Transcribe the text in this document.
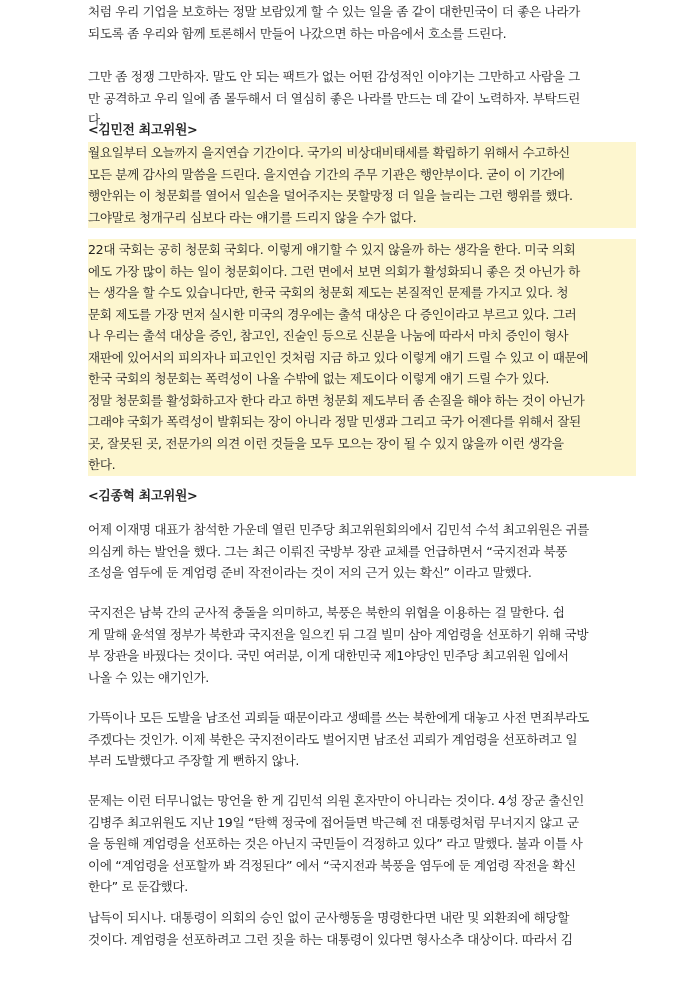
처럼 우리 기업을 보호하는 정말 보람있게 할 수 있는 일을 좀 같이 대한민국이 더 좋은 나라가
되도록 좀 우리와 함께 토론해서 만들어 나갔으면 하는 마음에서 호소를 드린다.

그만 좀 정쟁 그만하자. 말도 안 되는 팩트가 없는 어떤 감성적인 이야기는 그만하고 사람을 그
만 공격하고 우리 일에 좀 몰두해서 더 열심히 좋은 나라를 만드는 데 같이 노력하자. 부탁드린
다.

<김민전 최고위원>

월요일부터 오늘까지 을지연습 기간이다. 국가의 비상대비태세를 확립하기 위해서 수고하신
모든 분께 감사의 말씀을 드린다. 을지연습 기간의 주무 기관은 행안부이다. 굳이 이 기간에
행안위는 이 청문회를 열어서 일손을 덜어주지는 못할망정 더 일을 늘리는 그런 행위를 했다.
그야말로 청개구리 심보다 라는 얘기를 드리지 않을 수가 없다.

22대 국회는 공히 청문회 국회다. 이렇게 얘기할 수 있지 않을까 하는 생각을 한다. 미국 의회
에도 가장 많이 하는 일이 청문회이다. 그런 면에서 보면 의회가 활성화되니 좋은 것 아닌가 하
는 생각을 할 수도 있습니다만, 한국 국회의 청문회 제도는 본질적인 문제를 가지고 있다. 청
문회 제도를 가장 먼저 실시한 미국의 경우에는 출석 대상은 다 증인이라고 부르고 있다. 그러
나 우리는 출석 대상을 증인, 참고인, 진술인 등으로 신분을 나눔에 따라서 마치 증인이 형사
재판에 있어서의 피의자나 피고인인 것처럼 지금 하고 있다 이렇게 얘기 드릴 수 있고 이 때문에
한국 국회의 청문회는 폭력성이 나올 수밖에 없는 제도이다 이렇게 얘기 드릴 수가 있다.
정말 청문회를 활성화하고자 한다 라고 하면 청문회 제도부터 좀 손질을 해야 하는 것이 아닌가
그래야 국회가 폭력성이 발휘되는 장이 아니라 정말 민생과 그리고 국가 어젠다를 위해서 잘된
곳, 잘못된 곳, 전문가의 의견 이런 것들을 모두 모으는 장이 될 수 있지 않을까 이런 생각을
한다.

<김종혁 최고위원>

어제 이재명 대표가 참석한 가운데 열린 민주당 최고위원회의에서 김민석 수석 최고위원은 귀를
의심케 하는 발언을 했다. 그는 최근 이뤄진 국방부 장관 교체를 언급하면서 “국지전과 북풍
조성을 염두에 둔 계엄령 준비 작전이라는 것이 저의 근거 있는 확신” 이라고 말했다.

국지전은 남북 간의 군사적 충돌을 의미하고, 북풍은 북한의 위협을 이용하는 걸 말한다. 쉽
게 말해 윤석열 정부가 북한과 국지전을 일으킨 뒤 그걸 빌미 삼아 계엄령을 선포하기 위해 국방
부 장관을 바꿨다는 것이다. 국민 여러분, 이게 대한민국 제1야당인 민주당 최고위원 입에서
나올 수 있는 얘기인가.

가뜩이나 모든 도발을 남조선 괴뢰들 때문이라고 생떼를 쓰는 북한에게 대놓고 사전 면죄부라도
주겠다는 것인가. 이제 북한은 국지전이라도 벌어지면 남조선 괴뢰가 계엄령을 선포하려고 일
부러 도발했다고 주장할 게 뻔하지 않나.

문제는 이런 터무니없는 망언을 한 게 김민석 의원 혼자만이 아니라는 것이다. 4성 장군 출신인
김병주 최고위원도 지난 19일 “탄핵 정국에 접어들면 박근혜 전 대통령처럼 무너지지 않고 군
을 동원해 계엄령을 선포하는 것은 아닌지 국민들이 걱정하고 있다” 라고 말했다. 불과 이틀 사
이에 “계엄령을 선포할까 봐 걱정된다” 에서 “국지전과 북풍을 염두에 둔 계엄령 작전을 확신
한다” 로 둔갑했다.

납득이 되시나. 대통령이 의회의 승인 없이 군사행동을 명령한다면 내란 및 외환죄에 해당할
것이다. 계엄령을 선포하려고 그런 짓을 하는 대통령이 있다면 형사소추 대상이다. 따라서 김
